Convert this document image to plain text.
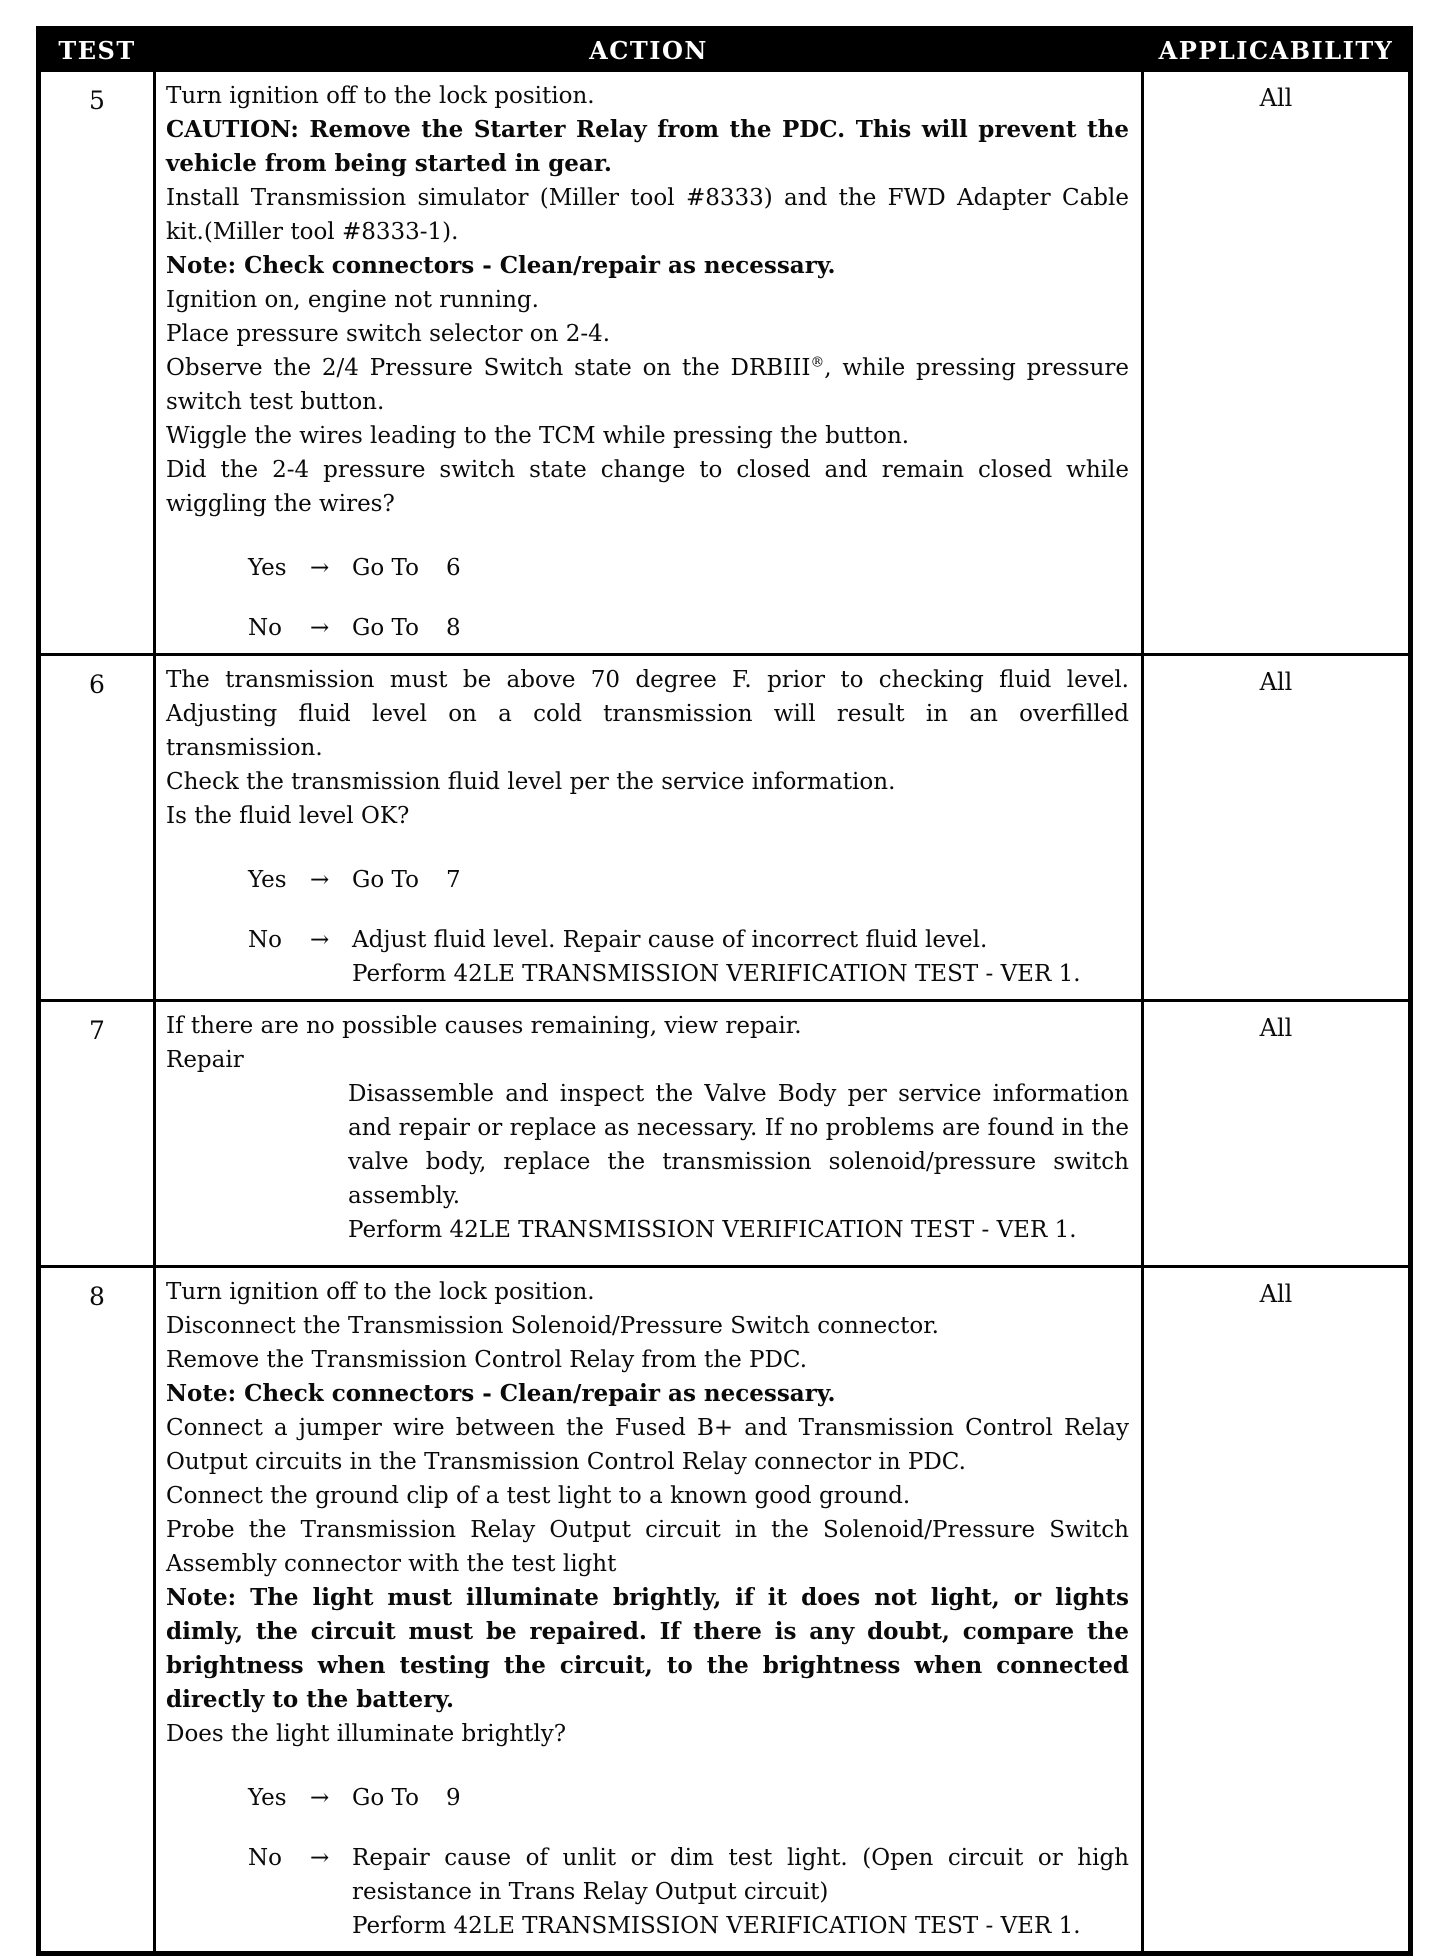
TEST	ACTION	APPLICABILITY
5	Turn ignition off to the lock position.

CAUTION: Remove the Starter Relay from the PDC. This will prevent the vehicle from being started in gear.

Install Transmission simulator (Miller tool #8333) and the FWD Adapter Cable kit.(Miller tool #8333-1).

Note: Check connectors - Clean/repair as necessary.

Ignition on, engine not running.

Place pressure switch selector on 2-4.

Observe the 2/4 Pressure Switch state on the DRBIII®, while pressing pressure switch test button.

Wiggle the wires leading to the TCM while pressing the button.

Did the 2-4 pressure switch state change to closed and remain closed while wiggling the wires?

Yes	→ Go To 6
No	→ Go To 8
	All
6	The transmission must be above 70 degree F. prior to checking fluid level. Adjusting fluid level on a cold transmission will result in an overfilled transmission.

Check the transmission fluid level per the service information.

Is the fluid level OK?

Yes	→ Go To 7
No	→ Adjust fluid level. Repair cause of incorrect fluid level.
Perform 42LE TRANSMISSION VERIFICATION TEST - VER 1.
	All
7	If there are no possible causes remaining, view repair.

Repair

Disassemble and inspect the Valve Body per service information and repair or replace as necessary. If no problems are found in the valve body, replace the transmission solenoid/pressure switch assembly.

Perform 42LE TRANSMISSION VERIFICATION TEST - VER 1.	All
8	Turn ignition off to the lock position.

Disconnect the Transmission Solenoid/Pressure Switch connector.

Remove the Transmission Control Relay from the PDC.

Note: Check connectors - Clean/repair as necessary.

Connect a jumper wire between the Fused B+ and Transmission Control Relay Output circuits in the Transmission Control Relay connector in PDC.

Connect the ground clip of a test light to a known good ground.

Probe the Transmission Relay Output circuit in the Solenoid/Pressure Switch Assembly connector with the test light

Note: The light must illuminate brightly, if it does not light, or lights dimly, the circuit must be repaired. If there is any doubt, compare the brightness when testing the circuit, to the brightness when connected directly to the battery.

Does the light illuminate brightly?

Yes	→ Go To 9
No	→ Repair cause of unlit or dim test light. (Open circuit or high resistance in Trans Relay Output circuit)
Perform 42LE TRANSMISSION VERIFICATION TEST - VER 1.
	All
